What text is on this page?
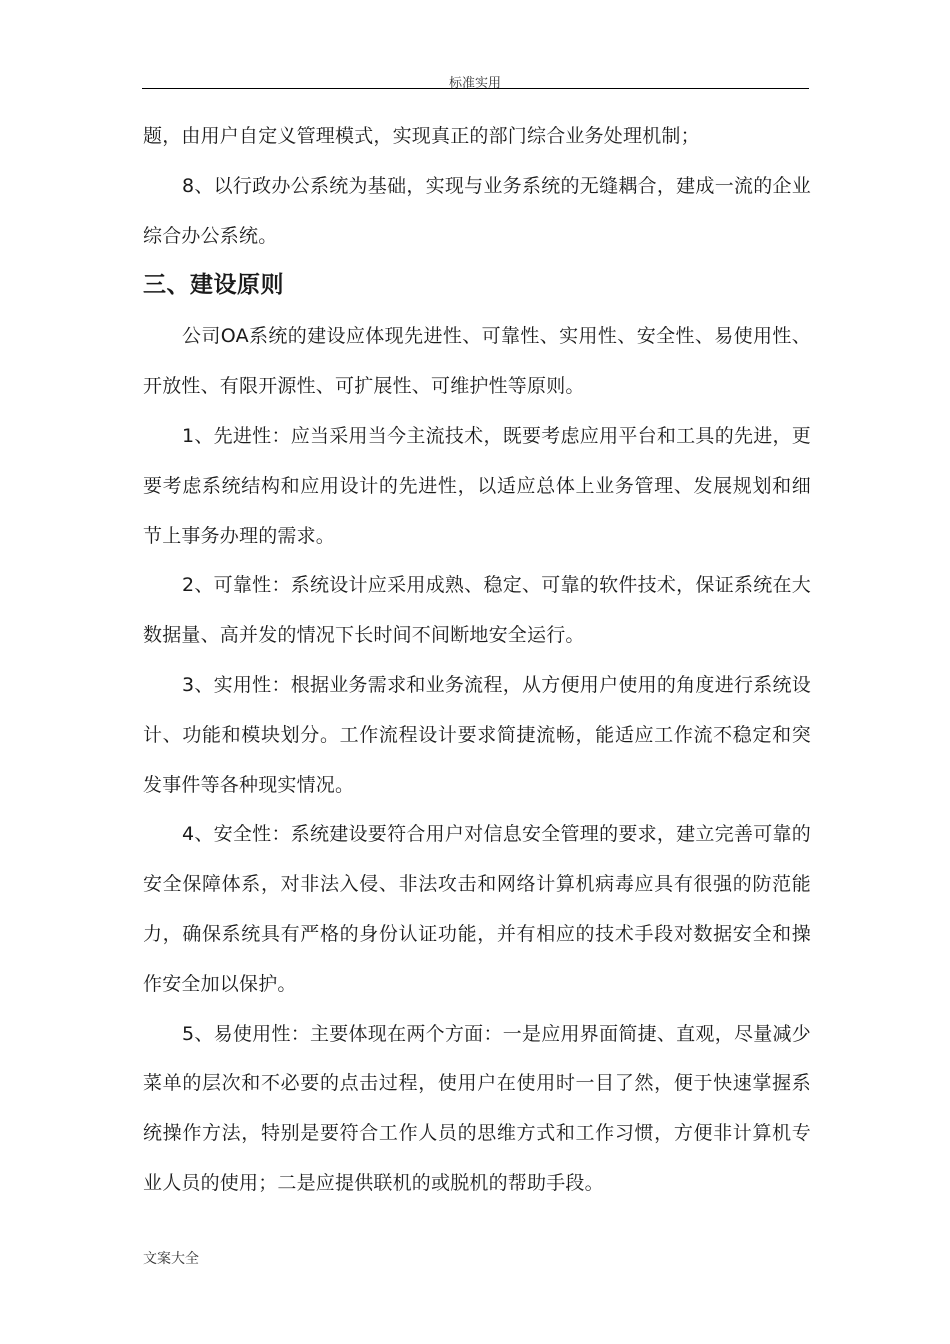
标准实用

题，由用户自定义管理模式，实现真正的部门综合业务处理机制；

8、以行政办公系统为基础，实现与业务系统的无缝耦合，建成一流的企业综合办公系统。

三、建设原则

公司OA系统的建设应体现先进性、可靠性、实用性、安全性、易使用性、开放性、有限开源性、可扩展性、可维护性等原则。

1、先进性：应当采用当今主流技术，既要考虑应用平台和工具的先进，更要考虑系统结构和应用设计的先进性，以适应总体上业务管理、发展规划和细节上事务办理的需求。

2、可靠性：系统设计应采用成熟、稳定、可靠的软件技术，保证系统在大数据量、高并发的情况下长时间不间断地安全运行。

3、实用性：根据业务需求和业务流程，从方便用户使用的角度进行系统设计、功能和模块划分。工作流程设计要求简捷流畅，能适应工作流不稳定和突发事件等各种现实情况。

4、安全性：系统建设要符合用户对信息安全管理的要求，建立完善可靠的安全保障体系，对非法入侵、非法攻击和网络计算机病毒应具有很强的防范能力，确保系统具有严格的身份认证功能，并有相应的技术手段对数据安全和操作安全加以保护。

5、易使用性：主要体现在两个方面：一是应用界面简捷、直观，尽量减少菜单的层次和不必要的点击过程，使用户在使用时一目了然，便于快速掌握系统操作方法，特别是要符合工作人员的思维方式和工作习惯，方便非计算机专业人员的使用；二是应提供联机的或脱机的帮助手段。

文案大全
